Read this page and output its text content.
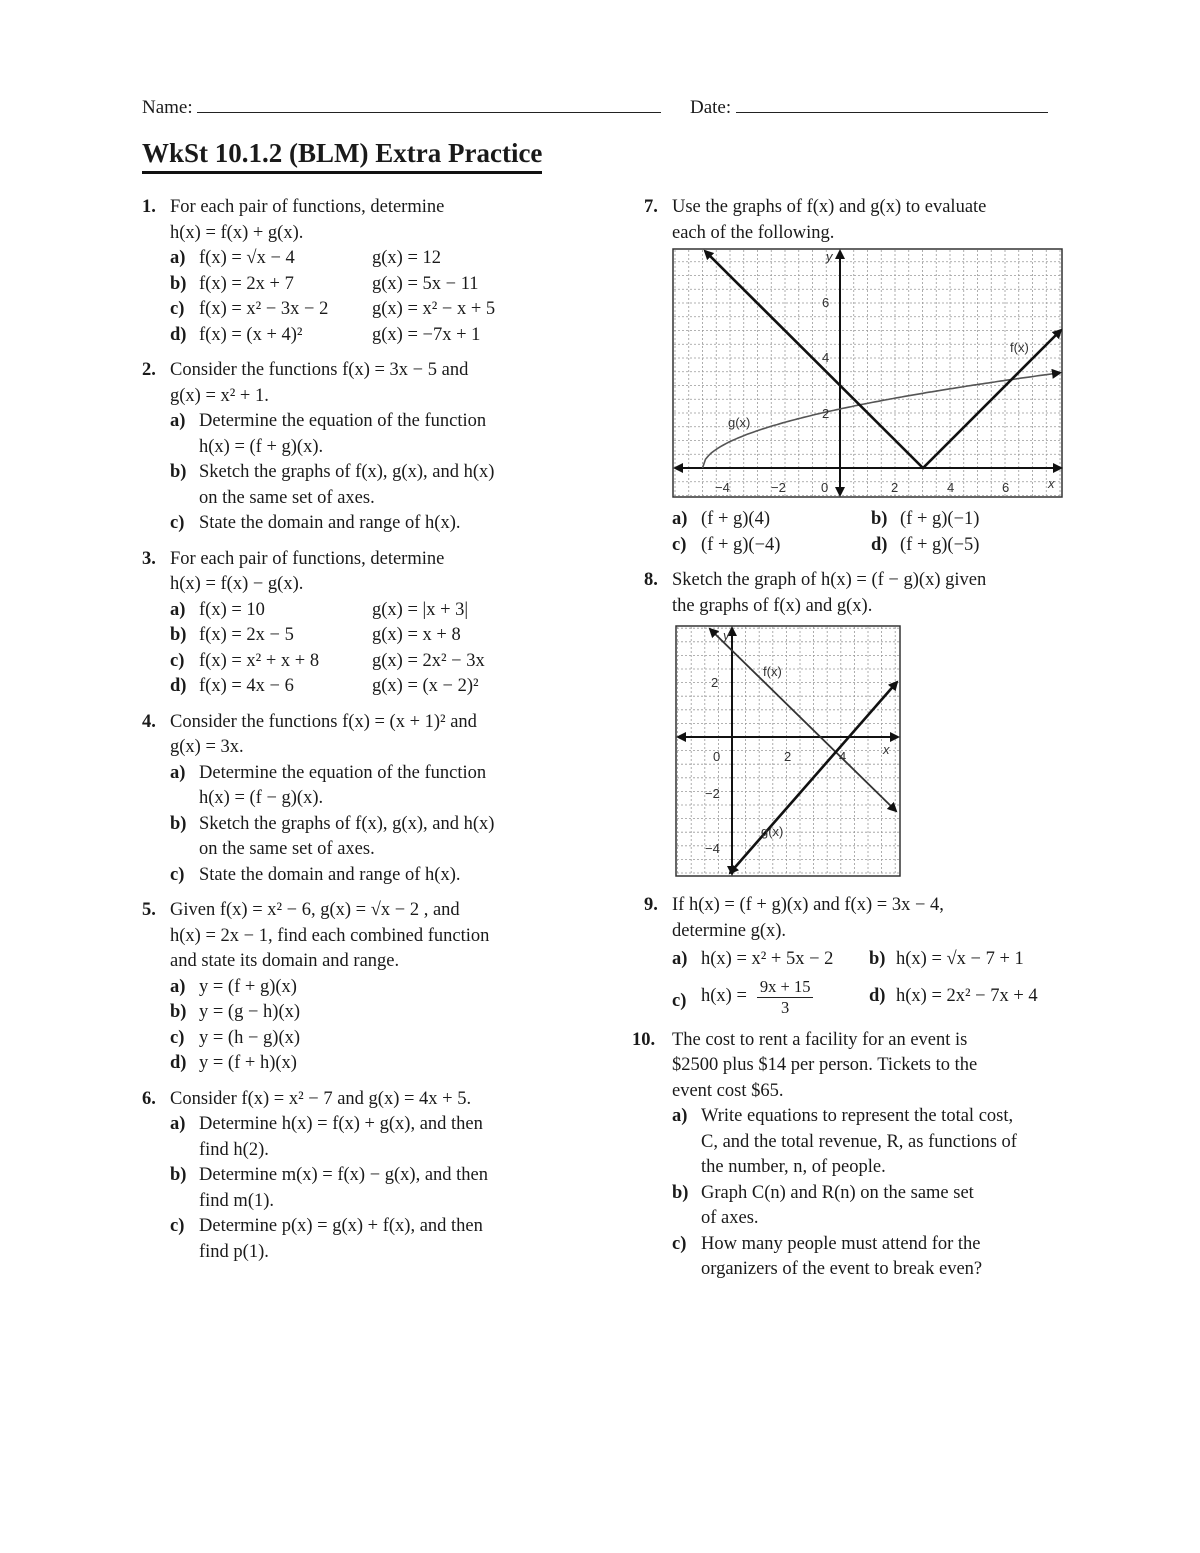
Name:	Date:
WkSt 10.1.2 (BLM) Extra Practice
1. For each pair of functions, determine
h(x) = f(x) + g(x).
a) f(x) = √x − 4	g(x) = 12
b) f(x) = 2x + 7	g(x) = 5x − 11
c) f(x) = x² − 3x − 2	g(x) = x² − x + 5
d) f(x) = (x + 4)²	g(x) = −7x + 1
2. Consider the functions f(x) = 3x − 5 and
g(x) = x² + 1.
a) Determine the equation of the function
h(x) = (f + g)(x).
b) Sketch the graphs of f(x), g(x), and h(x)
on the same set of axes.
c) State the domain and range of h(x).
3. For each pair of functions, determine
h(x) = f(x) − g(x).
a) f(x) = 10	g(x) = |x + 3|
b) f(x) = 2x − 5	g(x) = x + 8
c) f(x) = x² + x + 8	g(x) = 2x² − 3x
d) f(x) = 4x − 6	g(x) = (x − 2)²
4. Consider the functions f(x) = (x + 1)² and
g(x) = 3x.
a) Determine the equation of the function
h(x) = (f − g)(x).
b) Sketch the graphs of f(x), g(x), and h(x)
on the same set of axes.
c) State the domain and range of h(x).
5. Given f(x) = x² − 6, g(x) = √x − 2 , and
h(x) = 2x − 1, find each combined function
and state its domain and range.
a) y = (f + g)(x)
b) y = (g − h)(x)
c) y = (h − g)(x)
d) y = (f + h)(x)
6. Consider f(x) = x² − 7 and g(x) = 4x + 5.
a) Determine h(x) = f(x) + g(x), and then
find h(2).
b) Determine m(x) = f(x) − g(x), and then
find m(1).
c) Determine p(x) = g(x) + f(x), and then
find p(1).
7. Use the graphs of f(x) and g(x) to evaluate
each of the following.
y
x
f(x)
g(x)
−4	−2	0	2	4	6
2
4
6
a) (f + g)(4)	b) (f + g)(−1)
c) (f + g)(−4)	d) (f + g)(−5)
8. Sketch the graph of h(x) = (f − g)(x) given
the graphs of f(x) and g(x).
y
x
f(x)
g(x)
0	2	4
2
−2
−4
9. If h(x) = (f + g)(x) and f(x) = 3x − 4,
determine g(x).
a) h(x) = x² + 5x − 2	b) h(x) = √x − 7 + 1
c) $h(x) = \frac{9x + 15}{3}$	d) h(x) = 2x² − 7x + 4
10. The cost to rent a facility for an event is
$2500 plus $14 per person. Tickets to the
event cost $65.
a) Write equations to represent the total cost,
C, and the total revenue, R, as functions of
the number, n, of people.
b) Graph C(n) and R(n) on the same set
of axes.
c) How many people must attend for the
organizers of the event to break even?
